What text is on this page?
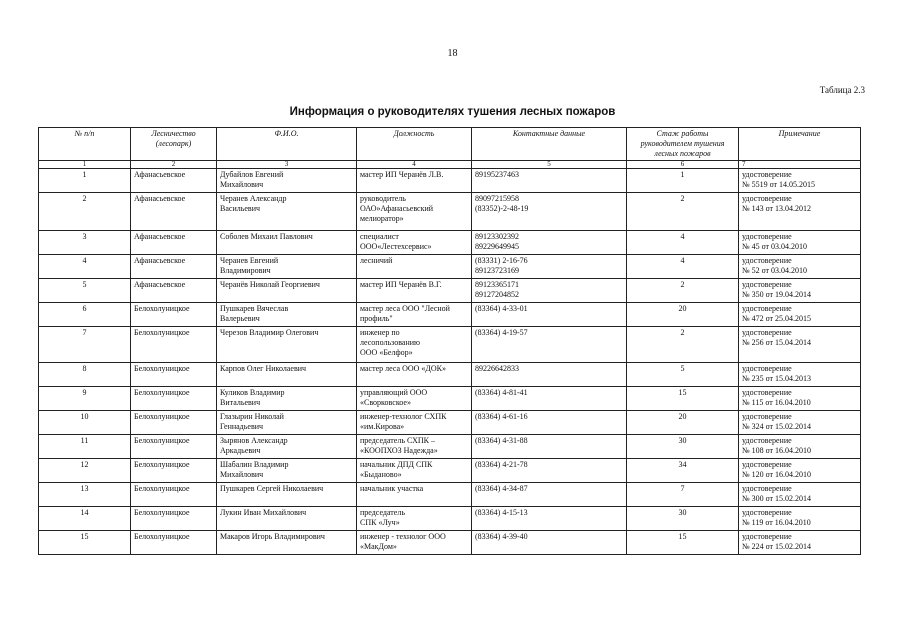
18
Таблица 2.3
Информация о руководителях тушения лесных пожаров
№ п/п	Лесничество
(лесопарк)	Ф.И.О.	Должность	Контактные данные	Стаж работы
руководителем тушения
лесных пожаров	Примечание
1	2	3	4	5	6	7
1	Афанасьевское	Дубайлов Евгений
Михайлович	мастер ИП Черанёв Л.В.	89195237463	1	удостоверение
№ 5519 от 14.05.2015
2	Афанасьевское	Черанев Александр
Васильевич	руководитель
ОАО»Афанасьевский
мелиоратор»	89097215958
(83352)-2-48-19	2	удостоверение
№ 143 от 13.04.2012
3	Афанасьевское	Соболев Михаил Павлович	специалист
ООО«Лестехсервис»	89123302392
89229649945	4	удостоверение
№ 45 от 03.04.2010
4	Афанасьевское	Черанев Евгений
Владимирович	лесничий	(83331) 2-16-76
89123723169	4	удостоверение
№ 52 от 03.04.2010
5	Афанасьевское	Черанёв Николай Георгиевич	мастер ИП Черанёв В.Г.	89123365171
89127204852	2	удостоверение
№ 350 от 19.04.2014
6	Белохолуницкое	Пушкарев Вячеслав
Валерьевич	мастер леса ООО "Лесной
профиль"	(83364) 4-33-01	20	удостоверение
№ 472 от 25.04.2015
7	Белохолуницкое	Черезов Владимир Олегович	инженер по
лесопользованию
ООО «Белфор»	(83364) 4-19-57	2	удостоверение
№ 256 от 15.04.2014
8	Белохолуницкое	Карпов Олег Николаевич	мастер леса ООО «ДОК»	89226642833	5	удостоверение
№ 235 от 15.04.2013
9	Белохолуницкое	Куликов Владимир
Витальевич	управляющий ООО
«Сворковское»	(83364) 4-81-41	15	удостоверение
№ 115 от 16.04.2010
10	Белохолуницкое	Глазырин Николай
Геннадьевич	инженер-технолог СХПК
«им.Кирова»	(83364) 4-61-16	20	удостоверение
№ 324 от 15.02.2014
11	Белохолуницкое	Зырянов Александр
Аркадьевич	председатель СХПК –
«КООПХОЗ Надежда»	(83364) 4-31-88	30	удостоверение
№ 108 от 16.04.2010
12	Белохолуницкое	Шабалин Владимир
Михайлович	начальник ДПД СПК
«Быданово»	(83364) 4-21-78	34	удостоверение
№ 120 от 16.04.2010
13	Белохолуницкое	Пушкарев Сергей Николаевич	начальник участка	(83364) 4-34-87	7	удостоверение
№ 300 от 15.02.2014
14	Белохолуницкое	Лукин Иван Михайлович	председатель
СПК «Луч»	(83364) 4-15-13	30	удостоверение
№ 119 от 16.04.2010
15	Белохолуницкое	Макаров Игорь Владимирович	инженер - технолог ООО
«МакДом»	(83364) 4-39-40	15	удостоверение
№ 224 от 15.02.2014
